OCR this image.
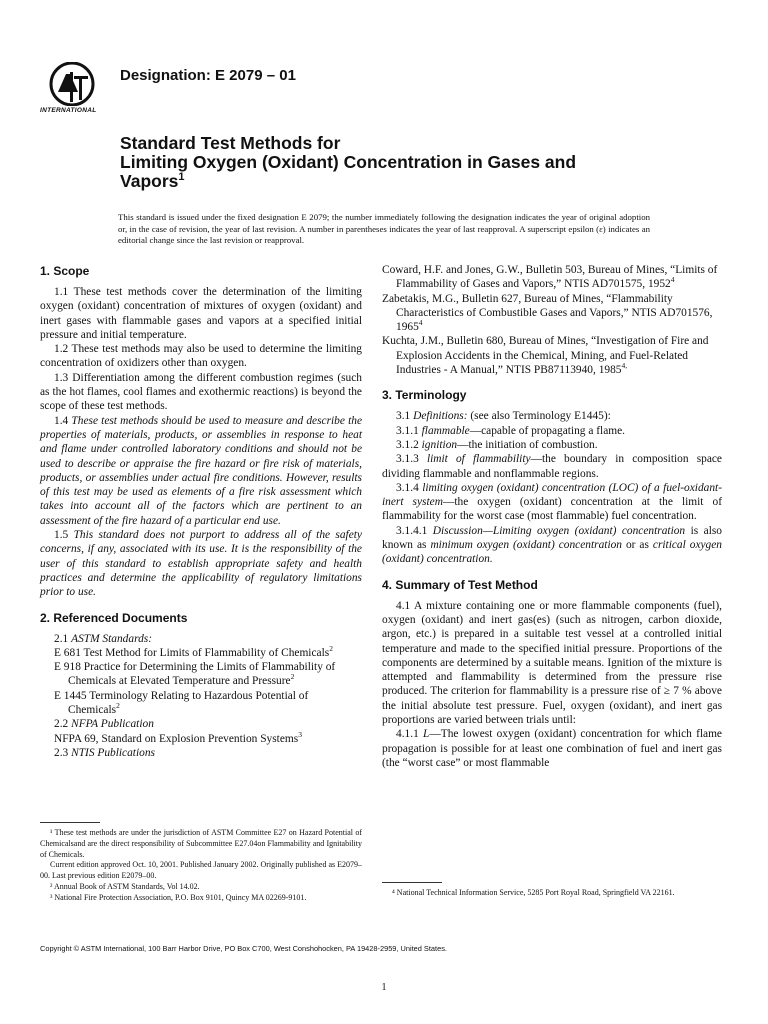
INTERNATIONAL
Designation: E 2079 – 01
Standard Test Methods for
Limiting Oxygen (Oxidant) Concentration in Gases and
Vapors$^1$
This standard is issued under the fixed designation E 2079; the number immediately following the designation indicates the year of original adoption or, in the case of revision, the year of last revision. A number in parentheses indicates the year of last reapproval. A superscript epsilon (ε) indicates an editorial change since the last revision or reapproval.
1. Scope

1.1 These test methods cover the determination of the limiting oxygen (oxidant) concentration of mixtures of oxygen (oxidant) and inert gases with flammable gases and vapors at a specified initial pressure and initial temperature.

1.2 These test methods may also be used to determine the limiting concentration of oxidizers other than oxygen.

1.3 Differentiation among the different combustion regimes (such as the hot flames, cool flames and exothermic reactions) is beyond the scope of these test methods.

1.4 These test methods should be used to measure and describe the properties of materials, products, or assemblies in response to heat and flame under controlled laboratory conditions and should not be used to describe or appraise the fire hazard or fire risk of materials, products, or assemblies under actual fire conditions. However, results of this test may be used as elements of a fire risk assessment which takes into account all of the factors which are pertinent to an assessment of the fire hazard of a particular end use.

1.5 This standard does not purport to address all of the safety concerns, if any, associated with its use. It is the responsibility of the user of this standard to establish appropriate safety and health practices and determine the applicability of regulatory limitations prior to use.

2. Referenced Documents

2.1 ASTM Standards:

E 681 Test Method for Limits of Flammability of Chemicals$^2$

E 918 Practice for Determining the Limits of Flammability of Chemicals at Elevated Temperature and Pressure$^2$

E 1445 Terminology Relating to Hazardous Potential of Chemicals$^2$

2.2 NFPA Publication

NFPA 69, Standard on Explosion Prevention Systems$^3$

2.3 NTIS Publications

¹ These test methods are under the jurisdiction of ASTM Committee E27 on Hazard Potential of Chemicalsand are the direct responsibility of Subcommittee E27.04on Flammability and Ignitability of Chemicals.

Current edition approved Oct. 10, 2001. Published January 2002. Originally published as E2079–00. Last previous edition E2079–00.

² Annual Book of ASTM Standards, Vol 14.02.

³ National Fire Protection Association, P.O. Box 9101, Quincy MA 02269-9101.

Coward, H.F. and Jones, G.W., Bulletin 503, Bureau of Mines, “Limits of Flammability of Gases and Vapors,” NTIS AD701575, 1952$^4$

Zabetakis, M.G., Bulletin 627, Bureau of Mines, “Flammability Characteristics of Combustible Gases and Vapors,” NTIS AD701576, 1965$^4$

Kuchta, J.M., Bulletin 680, Bureau of Mines, “Investigation of Fire and Explosion Accidents in the Chemical, Mining, and Fuel-Related Industries - A Manual,” NTIS PB87113940, $1985^{4,}$

3. Terminology

3.1 Definitions: (see also Terminology E1445):

3.1.1 flammable—capable of propagating a flame.

3.1.2 ignition—the initiation of combustion.

3.1.3 limit of flammability—the boundary in composition space dividing flammable and nonflammable regions.

3.1.4 limiting oxygen (oxidant) concentration (LOC) of a fuel-oxidant-inert system—the oxygen (oxidant) concentration at the limit of flammability for the worst case (most flammable) fuel concentration.

3.1.4.1 Discussion—Limiting oxygen (oxidant) concentration is also known as minimum oxygen (oxidant) concentration or as critical oxygen (oxidant) concentration.

4. Summary of Test Method

4.1 A mixture containing one or more flammable components (fuel), oxygen (oxidant) and inert gas(es) (such as nitrogen, carbon dioxide, argon, etc.) is prepared in a suitable test vessel at a controlled initial temperature and made to the specified initial pressure. Proportions of the components are determined by a suitable means. Ignition of the mixture is attempted and flammability is determined from the pressure rise produced. The criterion for flammability is a pressure rise of ≥ 7 % above the initial absolute test pressure. Fuel, oxygen (oxidant), and inert gas proportions are varied between trials until:

4.1.1 L—The lowest oxygen (oxidant) concentration for which flame propagation is possible for at least one combination of fuel and inert gas (the “worst case” or most flammable

⁴ National Technical Information Service, 5285 Port Royal Road, Springfield VA 22161.

Copyright © ASTM International, 100 Barr Harbor Drive, PO Box C700, West Conshohocken, PA 19428-2959, United States.
1
